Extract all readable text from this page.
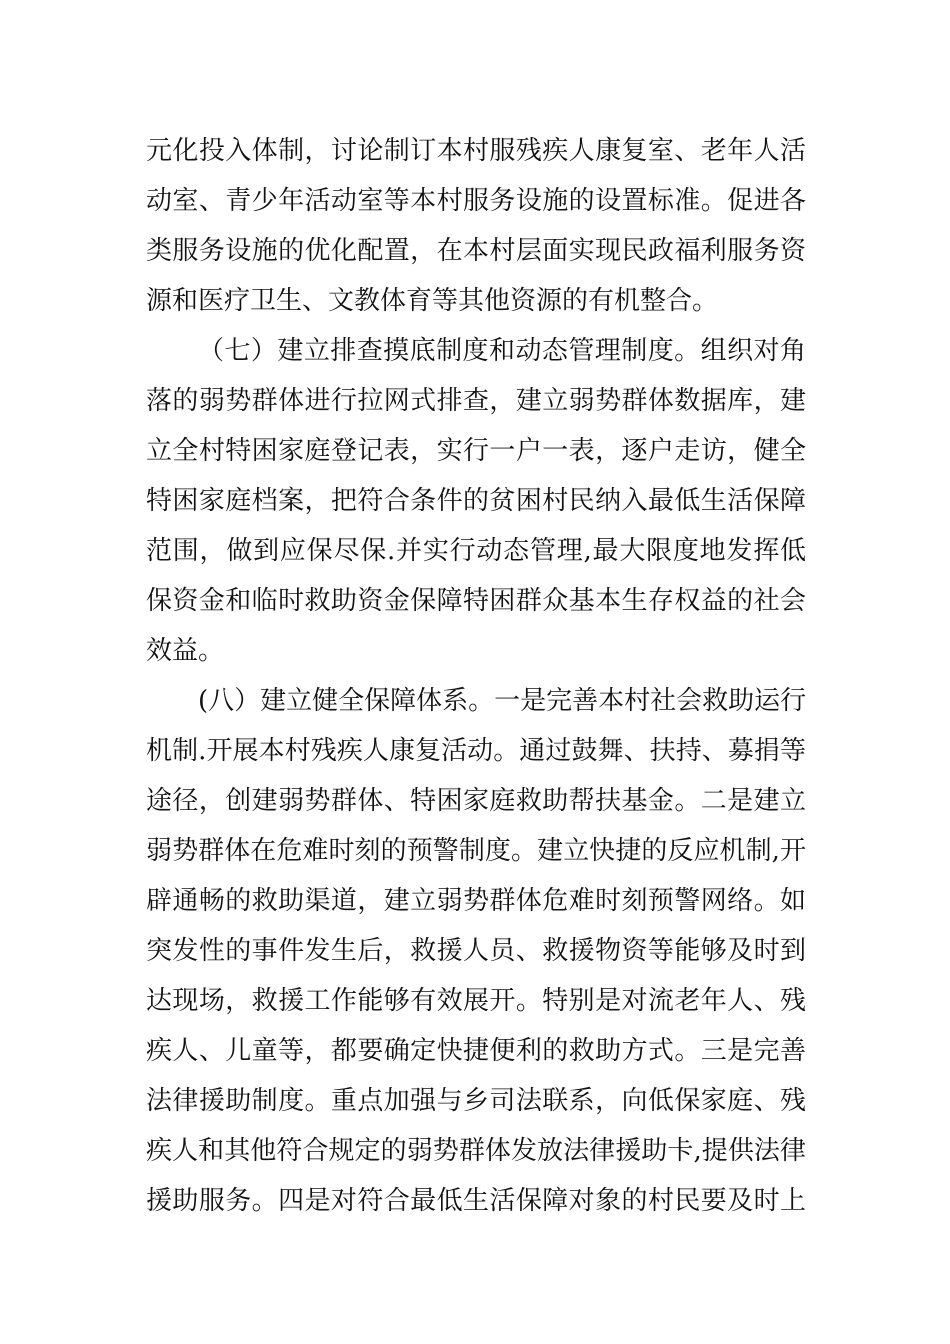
元化投入体制，讨论制订本村服残疾人康复室、老年人活
动室、青少年活动室等本村服务设施的设置标准。促进各
类服务设施的优化配置，在本村层面实现民政福利服务资
源和医疗卫生、文教体育等其他资源的有机整合。
（七）建立排查摸底制度和动态管理制度。组织对角
落的弱势群体进行拉网式排查，建立弱势群体数据库，建
立全村特困家庭登记表，实行一户一表，逐户走访，健全
特困家庭档案，把符合条件的贫困村民纳入最低生活保障
范围，做到应保尽保.并实行动态管理,最大限度地发挥低
保资金和临时救助资金保障特困群众基本生存权益的社会
效益。
(八）建立健全保障体系。一是完善本村社会救助运行
机制.开展本村残疾人康复活动。通过鼓舞、扶持、募捐等
途径，创建弱势群体、特困家庭救助帮扶基金。二是建立
弱势群体在危难时刻的预警制度。建立快捷的反应机制,开
辟通畅的救助渠道，建立弱势群体危难时刻预警网络。如
突发性的事件发生后，救援人员、救援物资等能够及时到
达现场，救援工作能够有效展开。特别是对流老年人、残
疾人、儿童等，都要确定快捷便利的救助方式。三是完善
法律援助制度。重点加强与乡司法联系，向低保家庭、残
疾人和其他符合规定的弱势群体发放法律援助卡,提供法律
援助服务。四是对符合最低生活保障对象的村民要及时上
